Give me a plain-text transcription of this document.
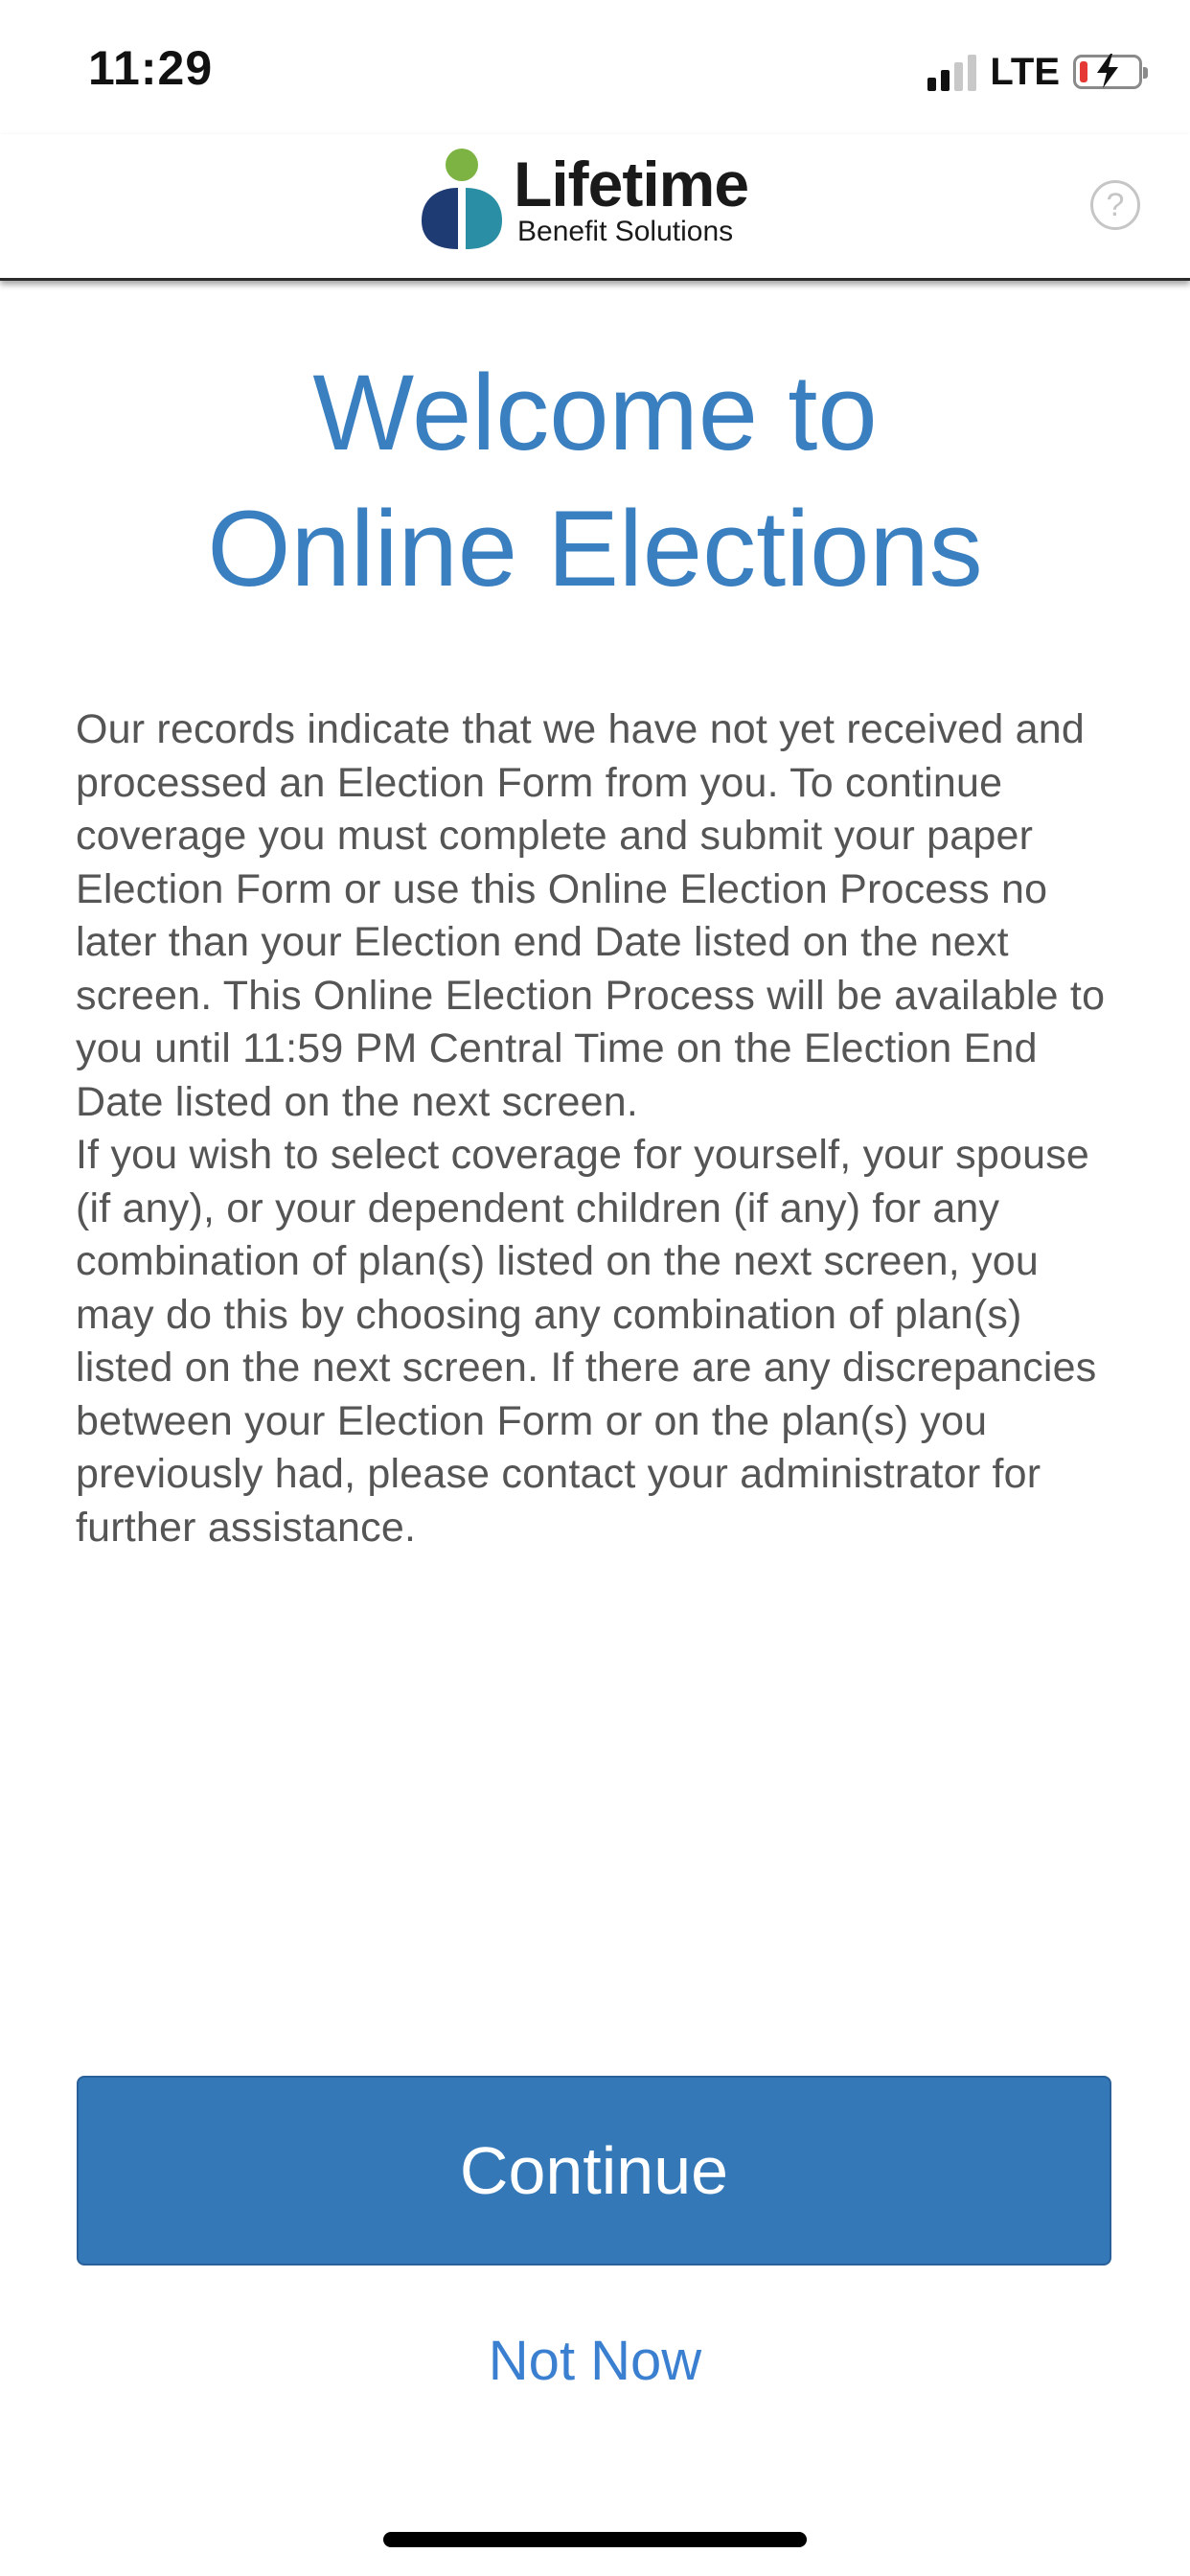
11:29	LTE
Lifetime
Benefit Solutions
?
Welcome to
Online Elections

Our records indicate that we have not yet received and processed an Election Form from you. To continue coverage you must complete and submit your paper Election Form or use this Online Election Process no later than your Election end Date listed on the next screen. This Online Election Process will be available to you until 11:59 PM Central Time on the Election End Date listed on the next screen.

If you wish to select coverage for yourself, your spouse (if any), or your dependent children (if any) for any combination of plan(s) listed on the next screen, you may do this by choosing any combination of plan(s) listed on the next screen. If there are any discrepancies between your Election Form or on the plan(s) you previously had, please contact your administrator for further assistance.

Continue
Not Now
